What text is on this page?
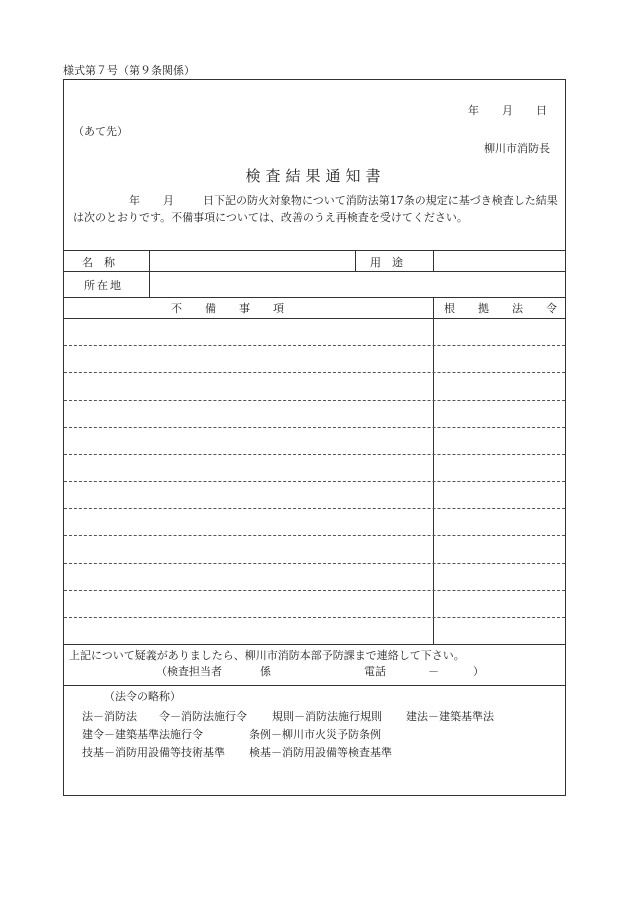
様式第７号（第９条関係）
年 月 日
（あて先）
柳川市消防長
検査結果通知書
年 月	日下記の防火対象物について消防法第17条の規定に基づき検査した結果
は次のとおりです。不備事項については、改善のうえ再検査を受けてください。
名　称	用　途
所在地
不　備　事　項	根　拠　法　令
上記について疑義がありましたら、柳川市消防本部予防課まで連絡して下さい。
（検査担当者	係	電話	－	）
（法令の略称）
法－消防法 令－消防法施行令 規則－消防法施行規則 建法－建築基準法
建令－建築基準法施行令	条例－柳川市火災予防条例
技基－消防用設備等技術基準 検基－消防用設備等検査基準
